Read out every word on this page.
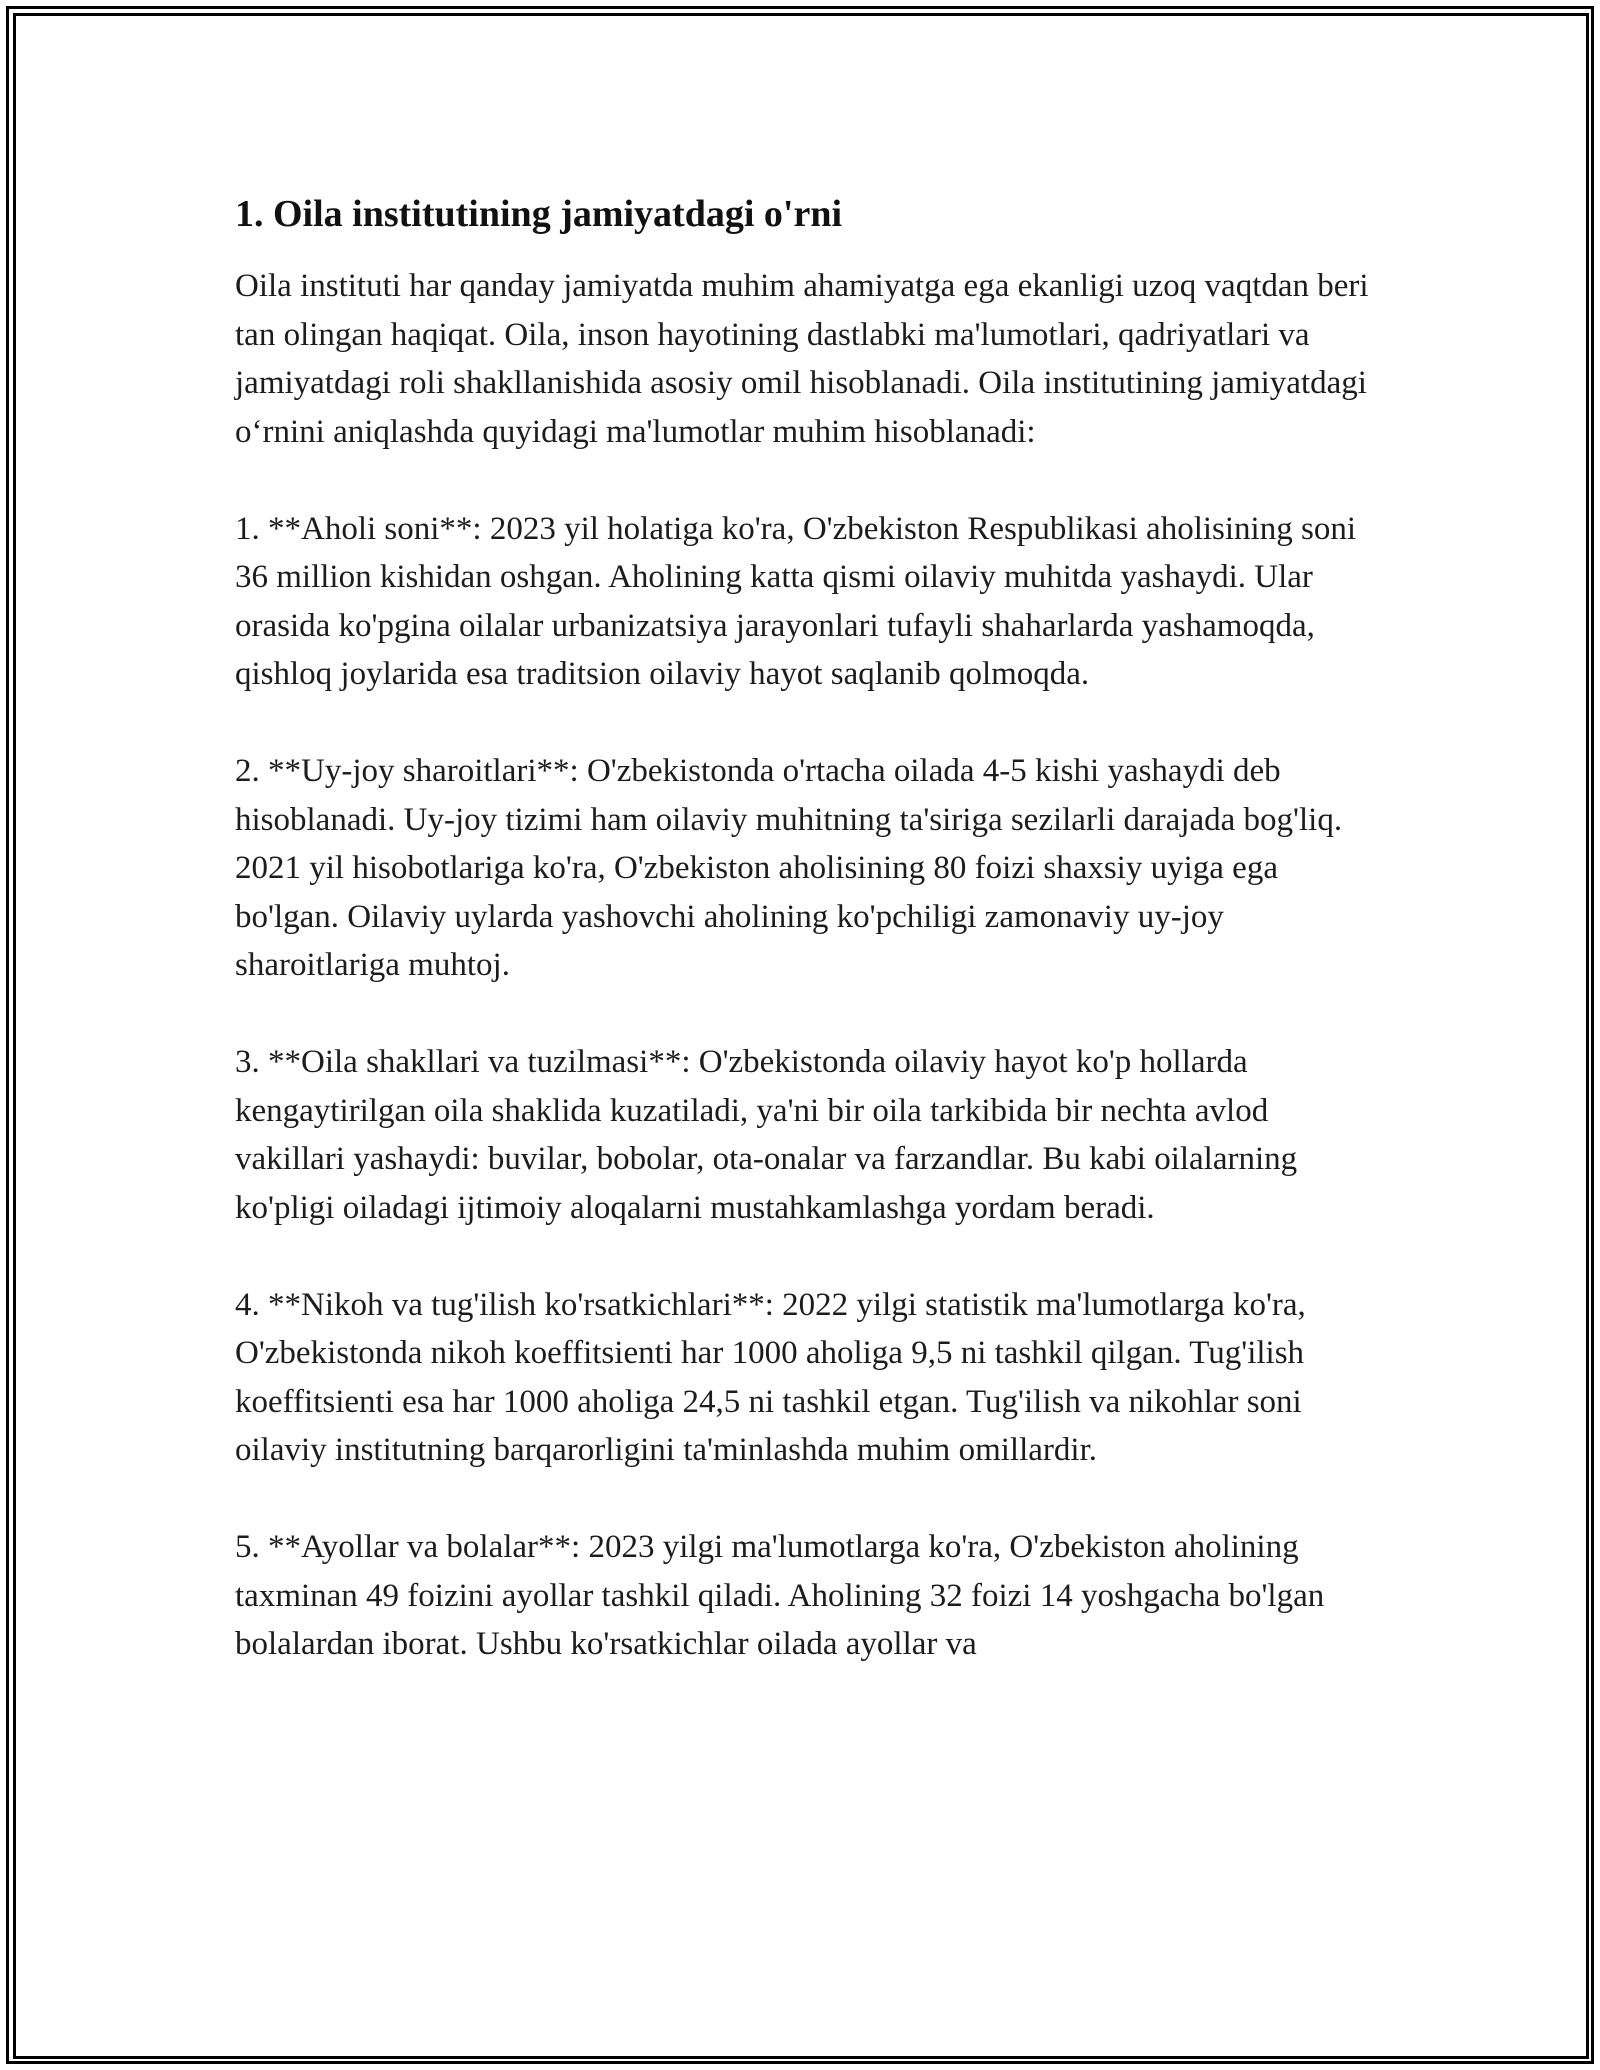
1. Oila institutining jamiyatdagi o'rni

Oila instituti har qanday jamiyatda muhim ahamiyatga ega ekanligi uzoq vaqtdan beri tan olingan haqiqat. Oila, inson hayotining dastlabki ma'lumotlari, qadriyatlari va jamiyatdagi roli shakllanishida asosiy omil hisoblanadi. Oila institutining jamiyatdagi o‘rnini aniqlashda quyidagi ma'lumotlar muhim hisoblanadi:

1. **Aholi soni**: 2023 yil holatiga ko'ra, O'zbekiston Respublikasi aholisining soni 36 million kishidan oshgan. Aholining katta qismi oilaviy muhitda yashaydi. Ular orasida ko'pgina oilalar urbanizatsiya jarayonlari tufayli shaharlarda yashamoqda, qishloq joylarida esa traditsion oilaviy hayot saqlanib qolmoqda.

2. **Uy-joy sharoitlari**: O'zbekistonda o'rtacha oilada 4-5 kishi yashaydi deb hisoblanadi. Uy-joy tizimi ham oilaviy muhitning ta'siriga sezilarli darajada bog'liq. 2021 yil hisobotlariga ko'ra, O'zbekiston aholisining 80 foizi shaxsiy uyiga ega bo'lgan. Oilaviy uylarda yashovchi aholining ko'pchiligi zamonaviy uy-joy sharoitlariga muhtoj.

3. **Oila shakllari va tuzilmasi**: O'zbekistonda oilaviy hayot ko'p hollarda kengaytirilgan oila shaklida kuzatiladi, ya'ni bir oila tarkibida bir nechta avlod vakillari yashaydi: buvilar, bobolar, ota-onalar va farzandlar. Bu kabi oilalarning ko'pligi oiladagi ijtimoiy aloqalarni mustahkamlashga yordam beradi.

4. **Nikoh va tug'ilish ko'rsatkichlari**: 2022 yilgi statistik ma'lumotlarga ko'ra, O'zbekistonda nikoh koeffitsienti har 1000 aholiga 9,5 ni tashkil qilgan. Tug'ilish koeffitsienti esa har 1000 aholiga 24,5 ni tashkil etgan. Tug'ilish va nikohlar soni oilaviy institutning barqarorligini ta'minlashda muhim omillardir.

5. **Ayollar va bolalar**: 2023 yilgi ma'lumotlarga ko'ra, O'zbekiston aholining taxminan 49 foizini ayollar tashkil qiladi. Aholining 32 foizi 14 yoshgacha bo'lgan bolalardan iborat. Ushbu ko'rsatkichlar oilada ayollar va
